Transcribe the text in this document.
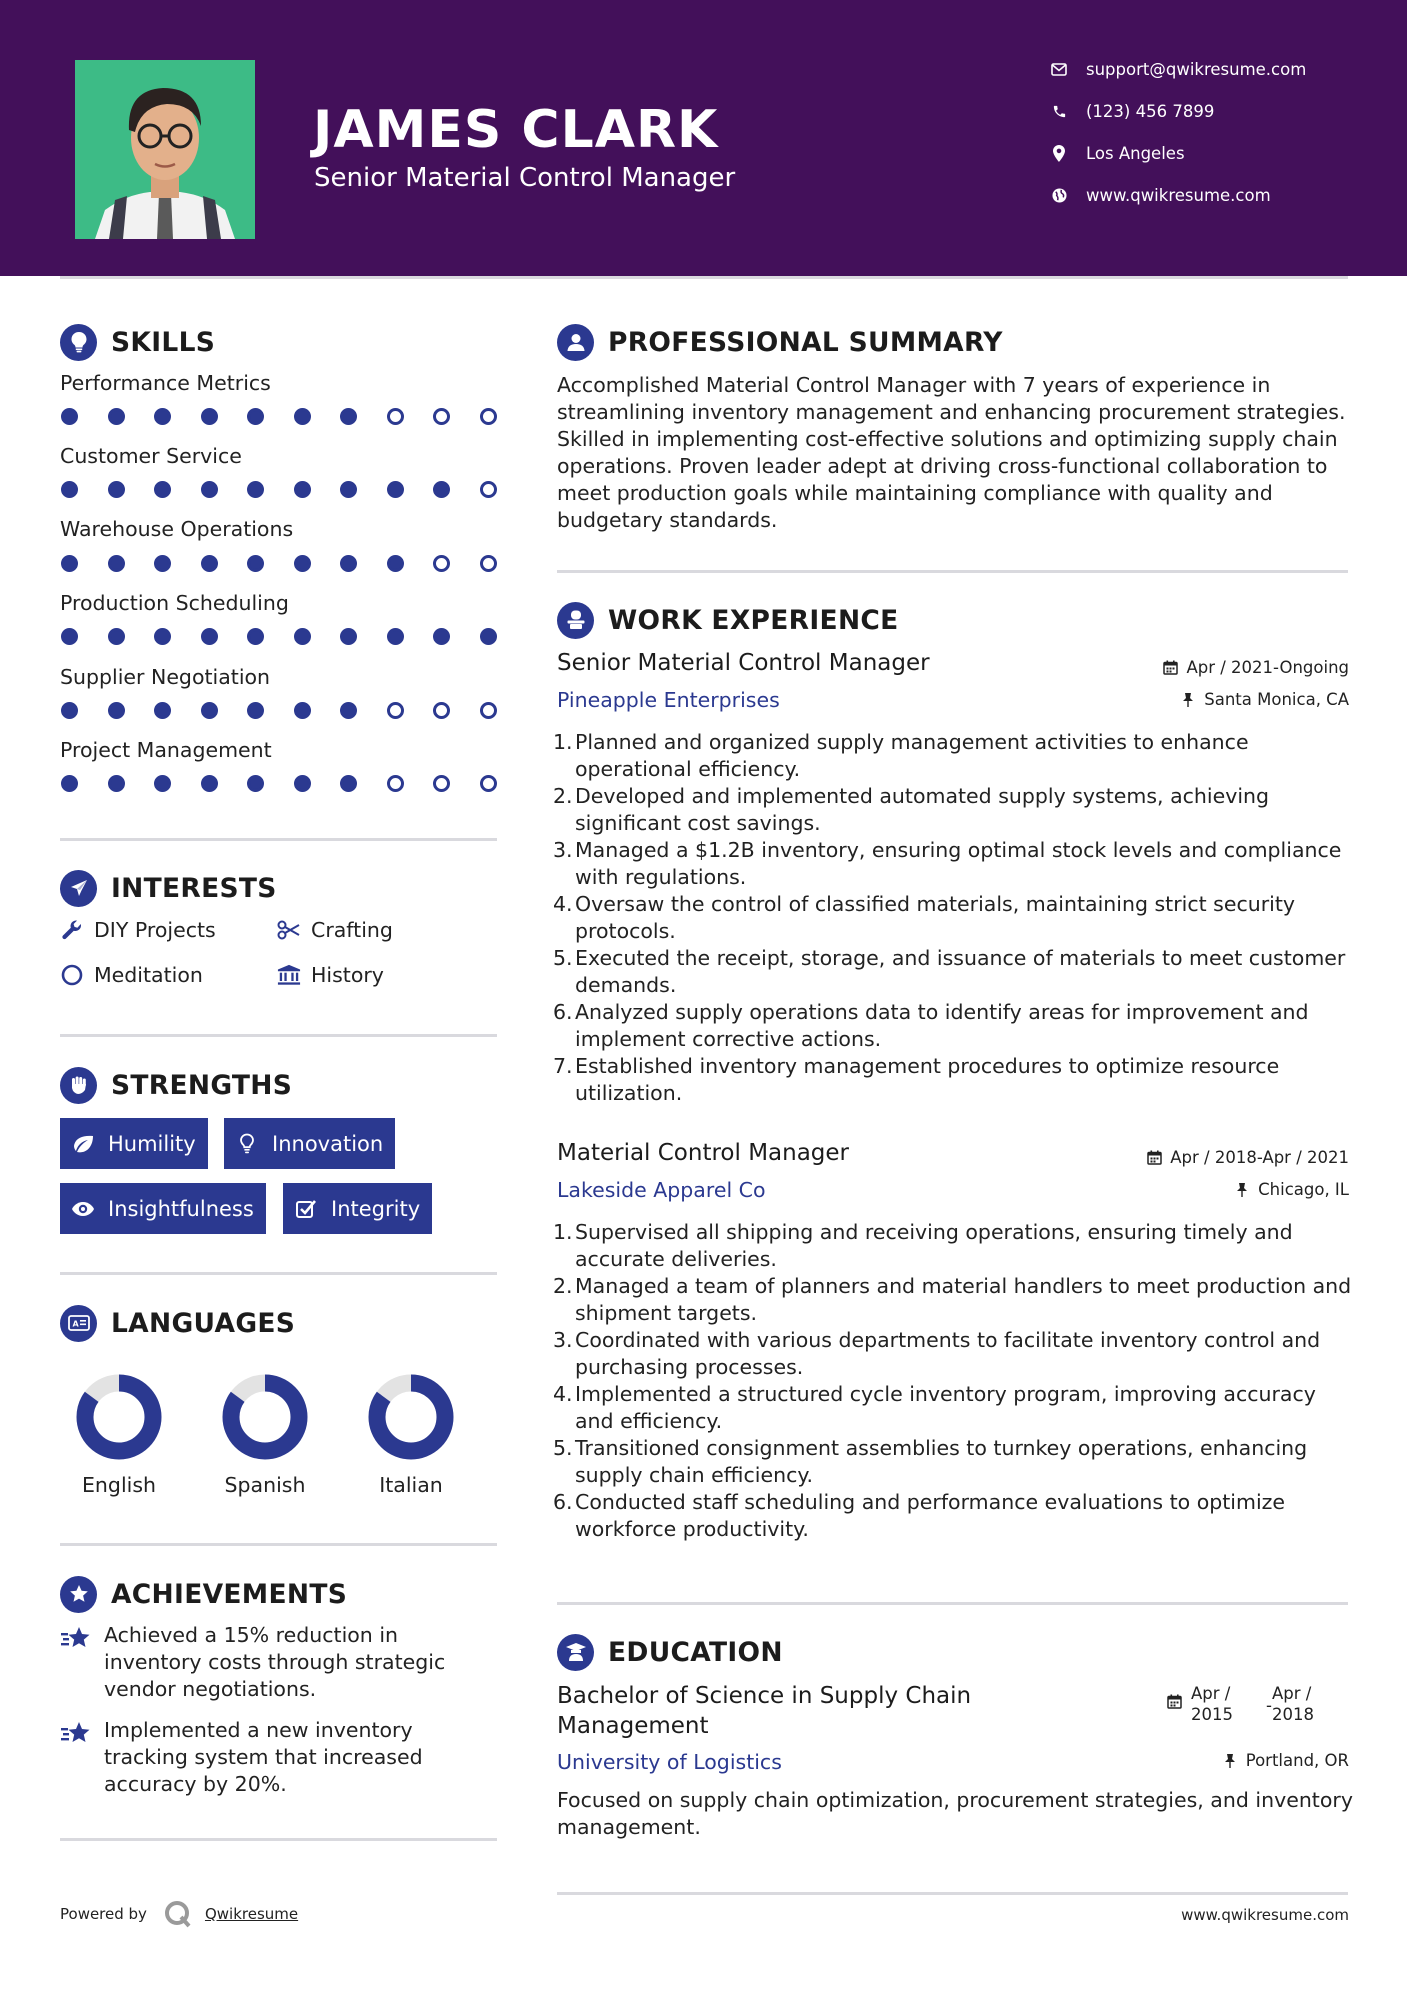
JAMES CLARK
Senior Material Control Manager
support@qwikresume.com
(123) 456 7899
Los Angeles
www.qwikresume.com
SKILLS
Performance Metrics
Customer Service
Warehouse Operations
Production Scheduling
Supplier Negotiation
Project Management
INTERESTS
DIY Projects	Crafting
Meditation	History
STRENGTHS
Humility	Innovation
Insightfulness	Integrity
A LANGUAGES
English	Spanish	Italian
ACHIEVEMENTS
Achieved a 15% reduction in inventory costs through strategic vendor negotiations.
Implemented a new inventory tracking system that increased accuracy by 20%.
PROFESSIONAL SUMMARY
Accomplished Material Control Manager with 7 years of experience in streamlining inventory management and enhancing procurement strategies. Skilled in implementing cost-effective solutions and optimizing supply chain operations. Proven leader adept at driving cross-functional collaboration to meet production goals while maintaining compliance with quality and budgetary standards.
WORK EXPERIENCE
Senior Material Control Manager	Apr / 2021-Ongoing
Pineapple Enterprises	Santa Monica, CA
1. Planned and organized supply management activities to enhance operational efficiency.
2. Developed and implemented automated supply systems, achieving significant cost savings.
3. Managed a $1.2B inventory, ensuring optimal stock levels and compliance with regulations.
4. Oversaw the control of classified materials, maintaining strict security protocols.
5. Executed the receipt, storage, and issuance of materials to meet customer demands.
6. Analyzed supply operations data to identify areas for improvement and implement corrective actions.
7. Established inventory management procedures to optimize resource utilization.
Material Control Manager	Apr / 2018-Apr / 2021
Lakeside Apparel Co	Chicago, IL
1. Supervised all shipping and receiving operations, ensuring timely and accurate deliveries.
2. Managed a team of planners and material handlers to meet production and shipment targets.
3. Coordinated with various departments to facilitate inventory control and purchasing processes.
4. Implemented a structured cycle inventory program, improving accuracy and efficiency.
5. Transitioned consignment assemblies to turnkey operations, enhancing supply chain efficiency.
6. Conducted staff scheduling and performance evaluations to optimize workforce productivity.
EDUCATION
Bachelor of Science in Supply Chain Management
Apr /
2015 -
Apr /
2018
University of Logistics	Portland, OR
Focused on supply chain optimization, procurement strategies, and inventory management.
Powered by	Qwikresume	www.qwikresume.com
